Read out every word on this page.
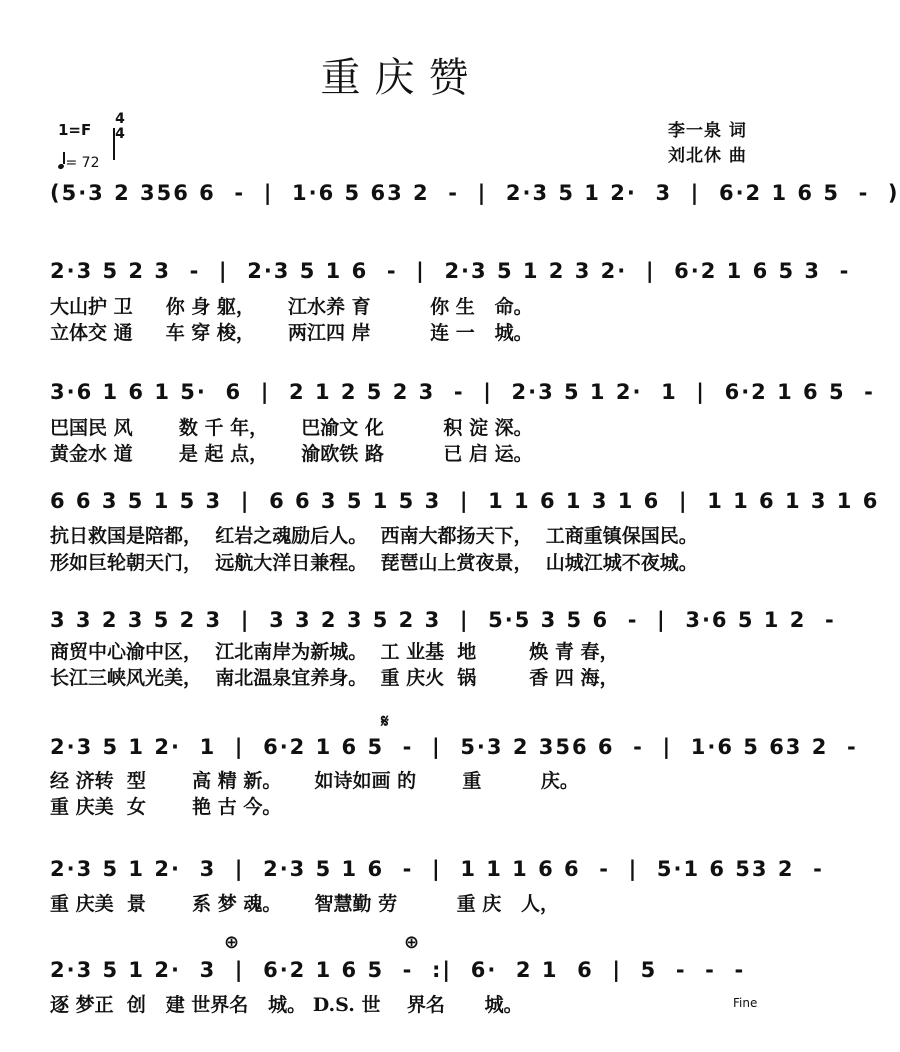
重庆赞
李一泉 词
刘北休 曲
1=F
4
4
= 72
(5·3 2 356 6  -  |  1·6 5 63 2  -  |  2·3 5 1 2·  3  |  6·2 1 6 5  -  )
2·3 5 2 3  -  |  2·3 5 1 6  -  |  2·3 5 1 2 3 2·  |  6·2 1 6 5 3  -
大山护 卫     你 身 躯，     江水养 育         你 生   命。
立体交 通     车 穿 梭，     两江四 岸         连 一   城。
3·6 1 6 1 5·  6  |  2 1 2 5 2 3  -  |  2·3 5 1 2·  1  |  6·2 1 6 5  -
巴国民 风       数 千 年，     巴渝文 化         积 淀 深。
黄金水 道       是 起 点，     渝欧铁 路         已 启 运。
6 6 3 5 1 5 3  |  6 6 3 5 1 5 3  |  1 1 6 1 3 1 6  |  1 1 6 1 3 1 6
抗日救国是陪都，  红岩之魂励后人。  西南大都扬天下，  工商重镇保国民。
形如巨轮朝天门，  远航大洋日兼程。  琵琶山上赏夜景，  山城江城不夜城。
3 3 2 3 5 2 3  |  3 3 2 3 5 2 3  |  5·5 3 5 6  -  |  3·6 5 1 2  -
商贸中心渝中区，  江北南岸为新城。  工 业基  地        焕 青 春，
长江三峡风光美，  南北温泉宜养身。  重 庆火  锅        香 四 海，
𝄋
2·3 5 1 2·  1  |  6·2 1 6 5  -  |  5·3 2 356 6  -  |  1·6 5 63 2  -
经 济转  型       高 精 新。     如诗如画 的       重         庆。
重 庆美  女       艳 古 今。
2·3 5 1 2·  3  |  2·3 5 1 6  -  |  1 1 1 6 6  -  |  5·1 6 53 2  -
重 庆美  景       系 梦 魂。     智慧勤 劳         重 庆   人，
⊕	⊕
2·3 5 1 2·  3  |  6·2 1 6 5  -  :|  6·  2 1  6  |  5  -  -  -
逐 梦正  创   建 世界名   城。 D.S. 世    界名      城。	Fine
